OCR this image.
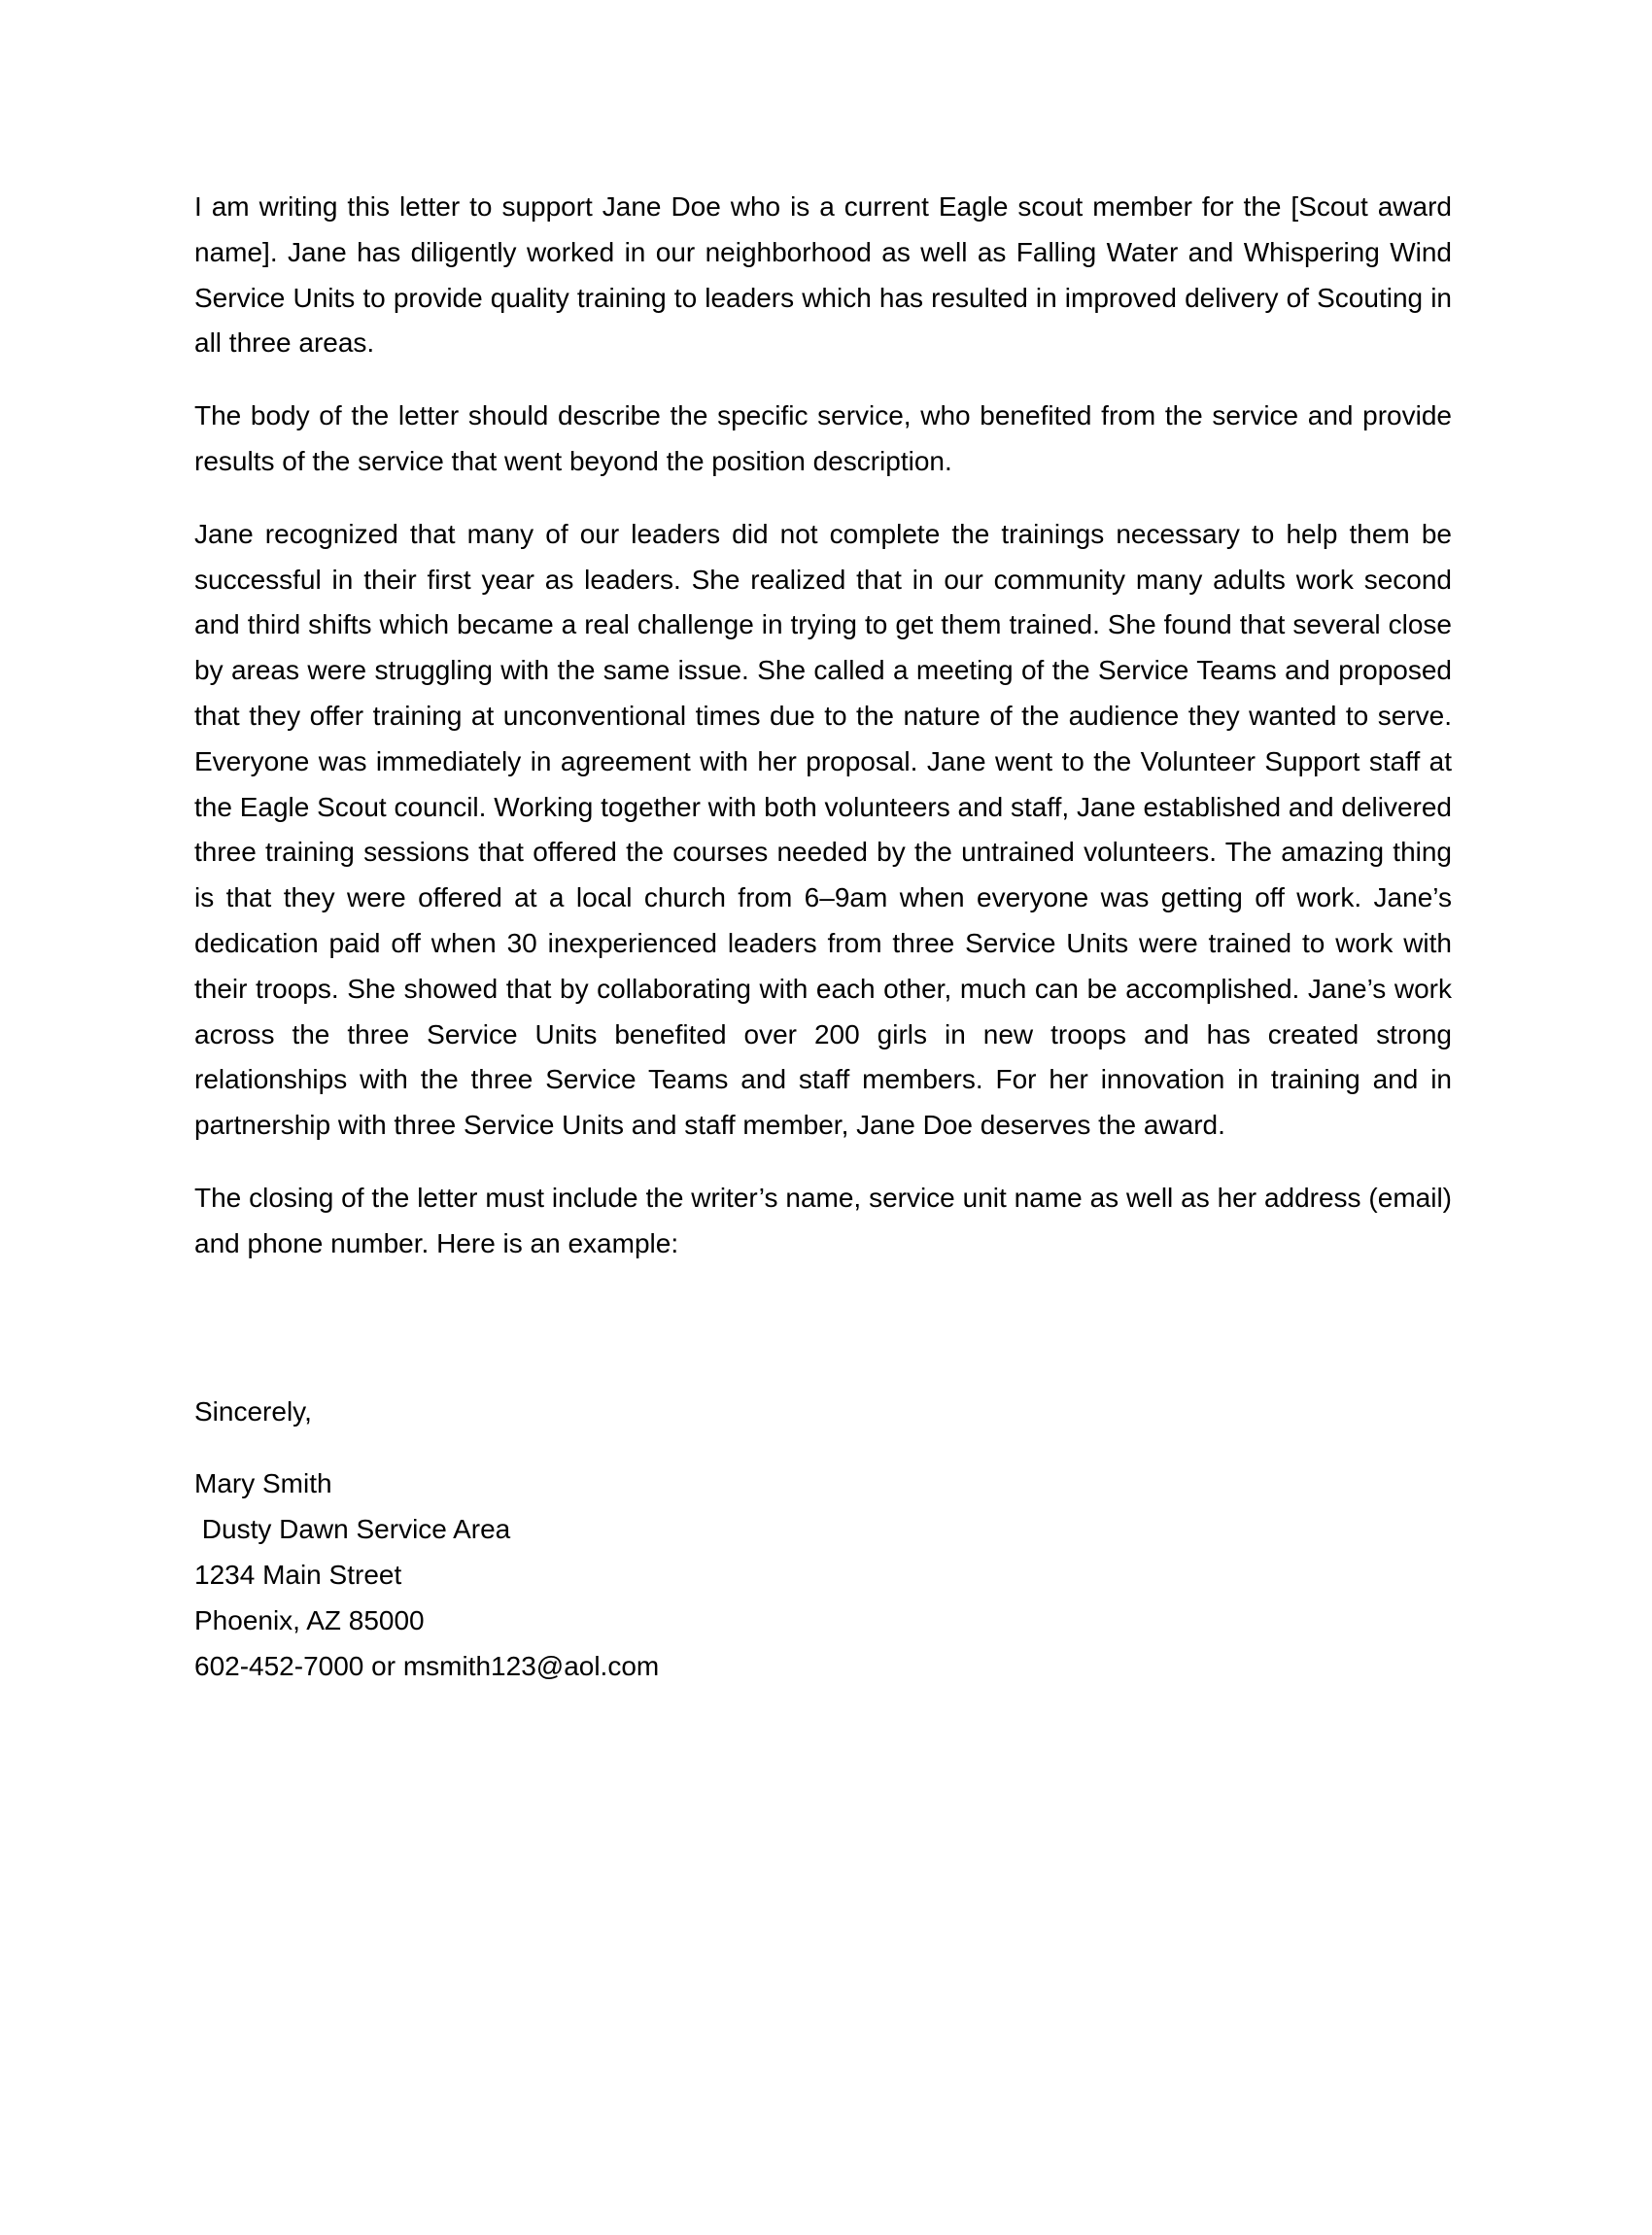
I am writing this letter to support Jane Doe who is a current Eagle scout member for the [Scout award name]. Jane has diligently worked in our neighborhood as well as Falling Water and Whispering Wind Service Units to provide quality training to leaders which has resulted in improved delivery of Scouting in all three areas.

The body of the letter should describe the specific service, who benefited from the service and provide results of the service that went beyond the position description.

Jane recognized that many of our leaders did not complete the trainings necessary to help them be successful in their first year as leaders. She realized that in our community many adults work second and third shifts which became a real challenge in trying to get them trained. She found that several close by areas were struggling with the same issue. She called a meeting of the Service Teams and proposed that they offer training at unconventional times due to the nature of the audience they wanted to serve. Everyone was immediately in agreement with her proposal. Jane went to the Volunteer Support staff at the Eagle Scout council. Working together with both volunteers and staff, Jane established and delivered three training sessions that offered the courses needed by the untrained volunteers. The amazing thing is that they were offered at a local church from 6–9am when everyone was getting off work. Jane’s dedication paid off when 30 inexperienced leaders from three Service Units were trained to work with their troops. She showed that by collaborating with each other, much can be accomplished. Jane’s work across the three Service Units benefited over 200 girls in new troops and has created strong relationships with the three Service Teams and staff members. For her innovation in training and in partnership with three Service Units and staff member, Jane Doe deserves the award.

The closing of the letter must include the writer’s name, service unit name as well as her address (email) and phone number. Here is an example:

Sincerely,

Mary Smith

Dusty Dawn Service Area

1234 Main Street

Phoenix, AZ 85000

602-452-7000 or msmith123@aol.com
